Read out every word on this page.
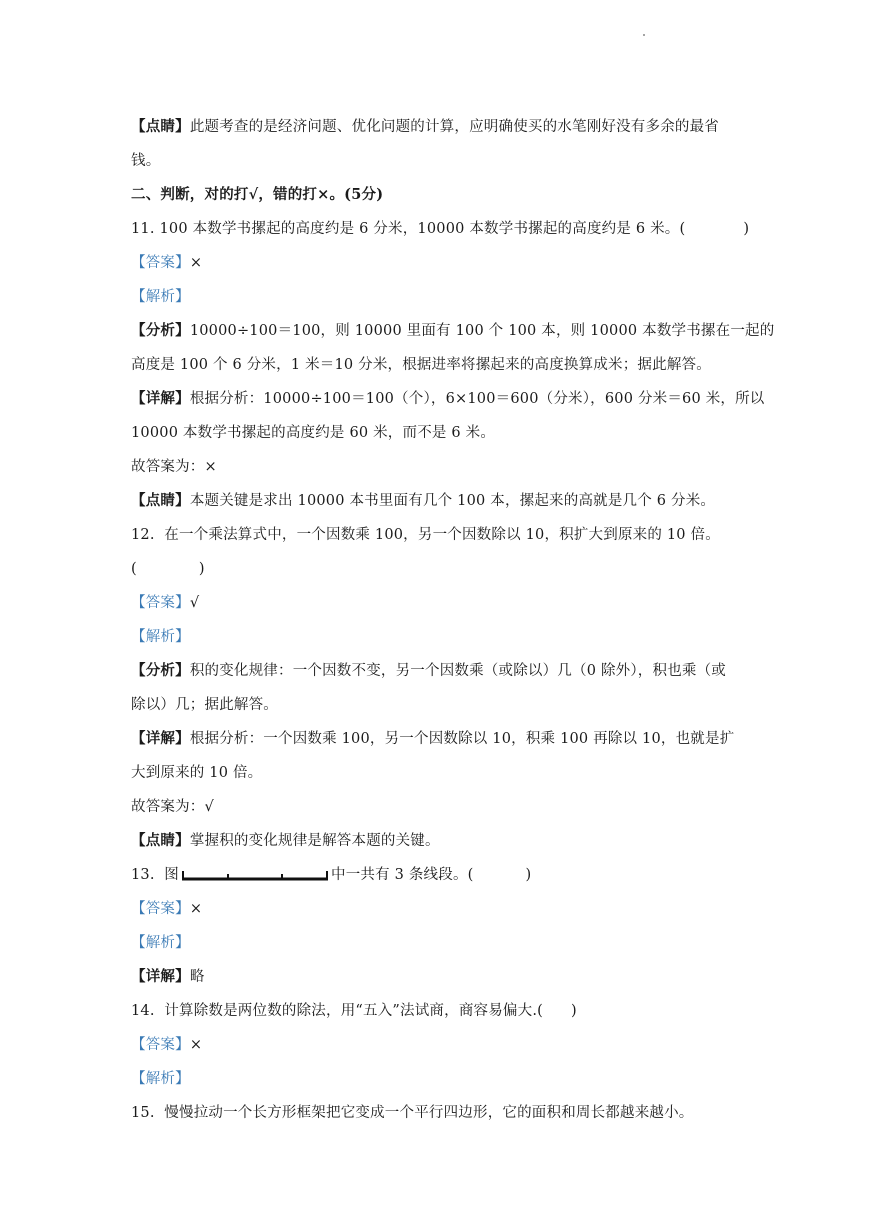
【点睛】此题考查的是经济问题、优化问题的计算，应明确使买的水笔刚好没有多余的最省
钱。
二、判断，对的打√，错的打×。(5分)
11. 100 本数学书摞起的高度约是 6 分米，10000 本数学书摞起的高度约是 6 米。(	)
【答案】×
【解析】
【分析】10000÷100＝100，则 10000 里面有 100 个 100 本，则 10000 本数学书摞在一起的
高度是 100 个 6 分米，1 米＝10 分米，根据进率将摞起来的高度换算成米；据此解答。
【详解】根据分析：10000÷100＝100（个），6×100＝600（分米），600 分米＝60 米，所以
10000 本数学书摞起的高度约是 60 米，而不是 6 米。
故答案为：×
【点睛】本题关键是求出 10000 本书里面有几个 100 本，摞起来的高就是几个 6 分米。
12. 在一个乘法算式中，一个因数乘 100，另一个因数除以 10，积扩大到原来的 10 倍。
(	)
【答案】√
【解析】
【分析】积的变化规律：一个因数不变，另一个因数乘（或除以）几（0 除外），积也乘（或
除以）几；据此解答。
【详解】根据分析：一个因数乘 100，另一个因数除以 10，积乘 100 再除以 10，也就是扩
大到原来的 10 倍。
故答案为：√
【点睛】掌握积的变化规律是解答本题的关键。
13. 图	中一共有 3 条线段。(	)
【答案】×
【解析】
【详解】略
14. 计算除数是两位数的除法，用“五入”法试商，商容易偏大.( )
【答案】×
【解析】
15. 慢慢拉动一个长方形框架把它变成一个平行四边形，它的面积和周长都越来越小。
